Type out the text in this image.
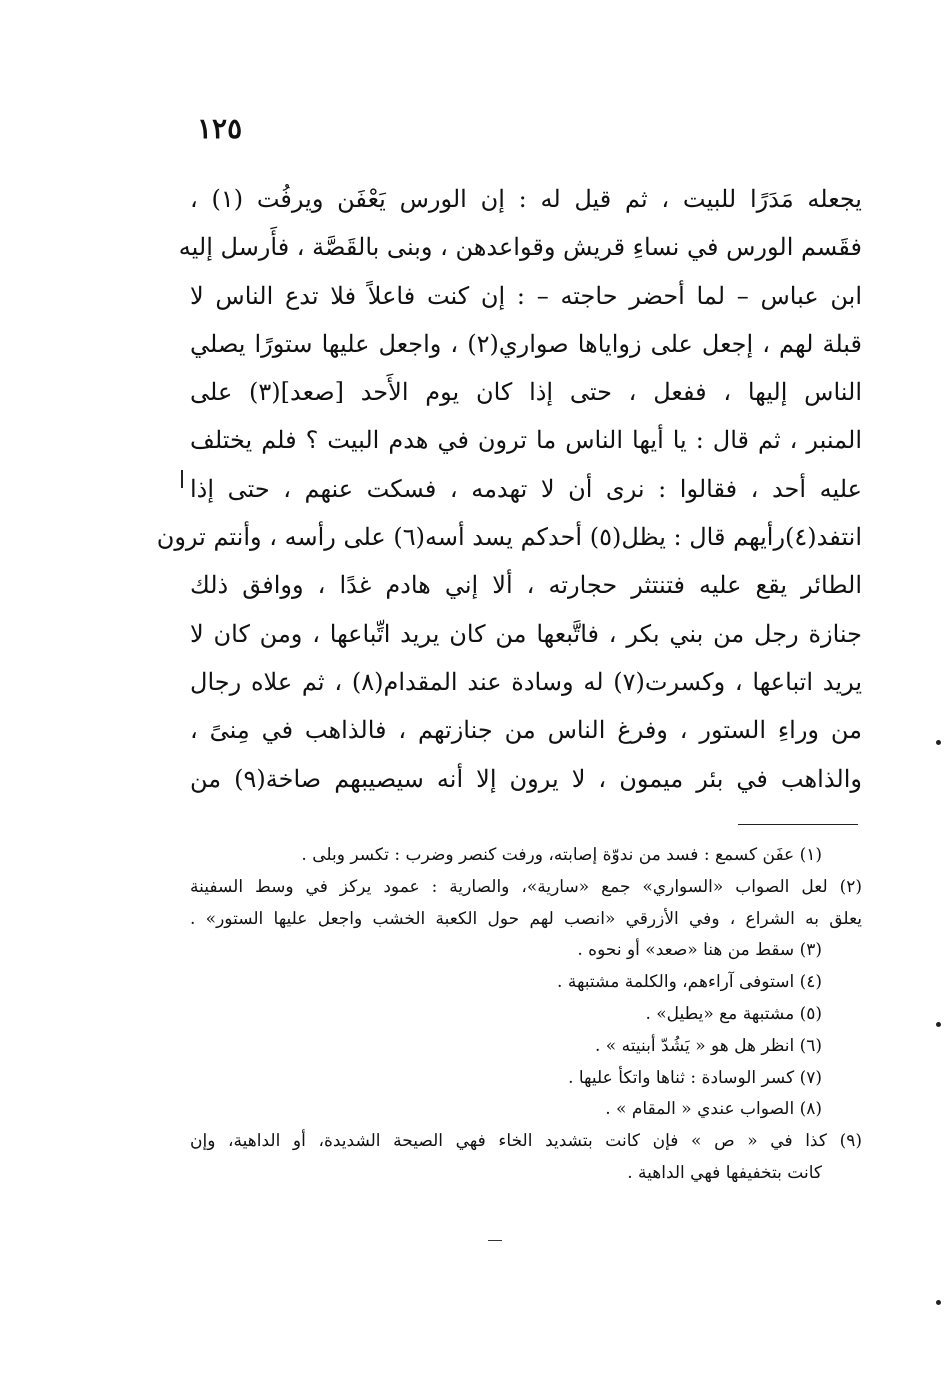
١٢٥
يجعله مَدَرًا للبيت ، ثم قيل له : إن الورس يَعْفَن ويرفُت (١) ،
فقَسم الورس في نساءِ قريش وقواعدهن ، وبنى بالقَصَّة ، فأَرسل إليه
ابن عباس – لما أحضر حاجته – : إن كنت فاعلاً فلا تدع الناس لا
قبلة لهم ، إجعل على زواياها صواري(٢) ، واجعل عليها ستورًا يصلي
الناس إليها ، ففعل ، حتى إذا كان يوم الأَحد [صعد](٣) على
المنبر ، ثم قال : يا أيها الناس ما ترون في هدم البيت ؟ فلم يختلف
عليه أحد ، فقالوا : نرى أن لا تهدمه ، فسكت عنهم ، حتى إذا
انتفد(٤)رأيهم قال : يظل(٥) أحدكم يسد أسه(٦) على رأسه ، وأنتم ترون
الطائر يقع عليه فتنتثر حجارته ، ألا إني هادم غدًا ، ووافق ذلك
جنازة رجل من بني بكر ، فاتَّبعها من كان يريد اتِّباعها ، ومن كان لا
يريد اتباعها ، وكسرت(٧) له وسادة عند المقدام(٨) ، ثم علاه رجال
من وراءِ الستور ، وفرغ الناس من جنازتهم ، فالذاهب في مِنىً ،
والذاهب في بئر ميمون ، لا يرون إلا أنه سيصيبهم صاخة(٩) من
(١) عفَن كسمع : فسد من ندوّة إصابته، ورفت كنصر وضرب : تكسر وبلى .
(٢) لعل الصواب «السواري» جمع «سارية»، والصارية : عمود يركز في وسط السفينة
يعلق به الشراع ، وفي الأزرقي «انصب لهم حول الكعبة الخشب واجعل عليها الستور» .
(٣) سقط من هنا «صعد» أو نحوه .
(٤) استوفى آراءهم، والكلمة مشتبهة .
(٥) مشتبهة مع «يطيل» .
(٦) انظر هل هو « يَشُدّ أبنيته » .
(٧) كسر الوسادة : ثناها واتكأ عليها .
(٨) الصواب عندي « المقام » .
(٩) كذا في « ص » فإن كانت بتشديد الخاء فهي الصيحة الشديدة، أو الداهية، وإن
كانت بتخفيفها فهي الداهية .
